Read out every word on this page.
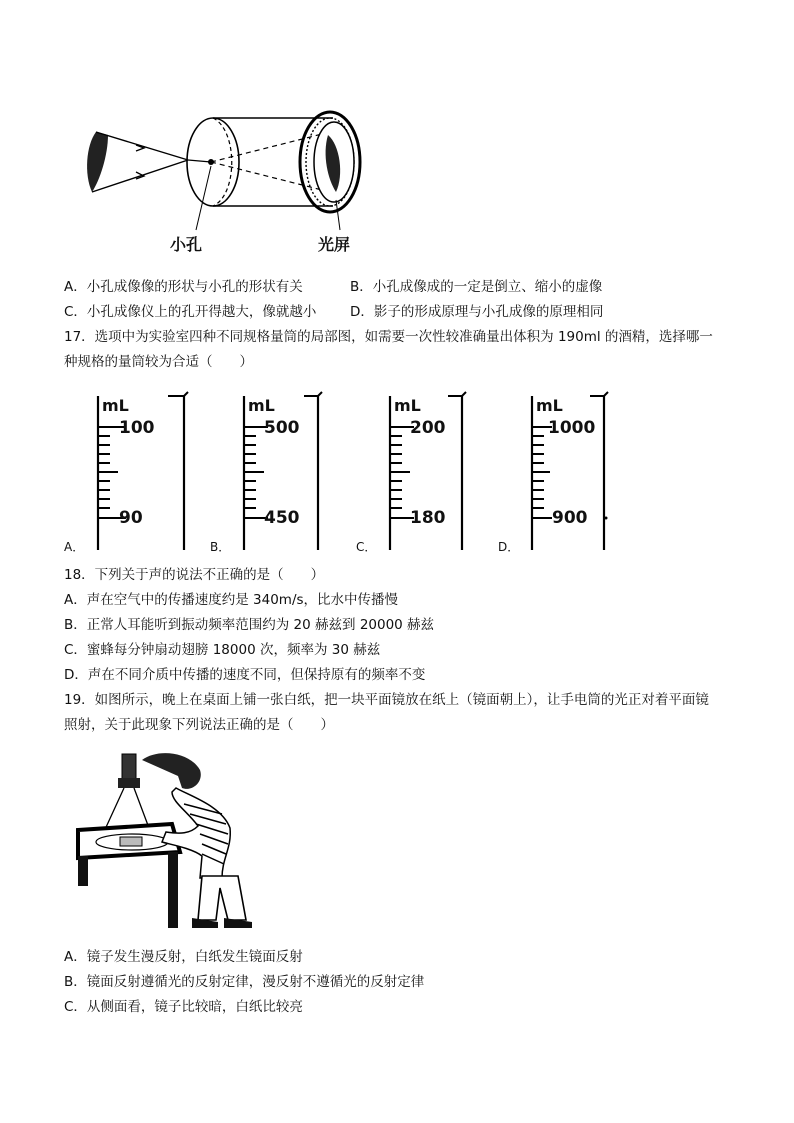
小孔	光屏
A．小孔成像像的形状与小孔的形状有关	B．小孔成像成的一定是倒立、缩小的虚像
C．小孔成像仪上的孔开得越大，像就越小 D．影子的形成原理与小孔成像的原理相同
17．选项中为实验室四种不同规格量筒的局部图，如需要一次性较准确量出体积为 190ml 的酒精，选择哪一
种规格的量筒较为合适（　　）
mL
100
90
A．
mL
500
450
B．
mL
200
180
C．
mL
1000
900
D．
18．下列关于声的说法不正确的是（　　）
A．声在空气中的传播速度约是 340m/s，比水中传播慢
B．正常人耳能听到振动频率范围约为 20 赫兹到 20000 赫兹
C．蜜蜂每分钟扇动翅膀 18000 次，频率为 30 赫兹
D．声在不同介质中传播的速度不同，但保持原有的频率不变
19．如图所示，晚上在桌面上铺一张白纸，把一块平面镜放在纸上（镜面朝上），让手电筒的光正对着平面镜
照射，关于此现象下列说法正确的是（　　）
A．镜子发生漫反射，白纸发生镜面反射
B．镜面反射遵循光的反射定律，漫反射不遵循光的反射定律
C．从侧面看，镜子比较暗，白纸比较亮
